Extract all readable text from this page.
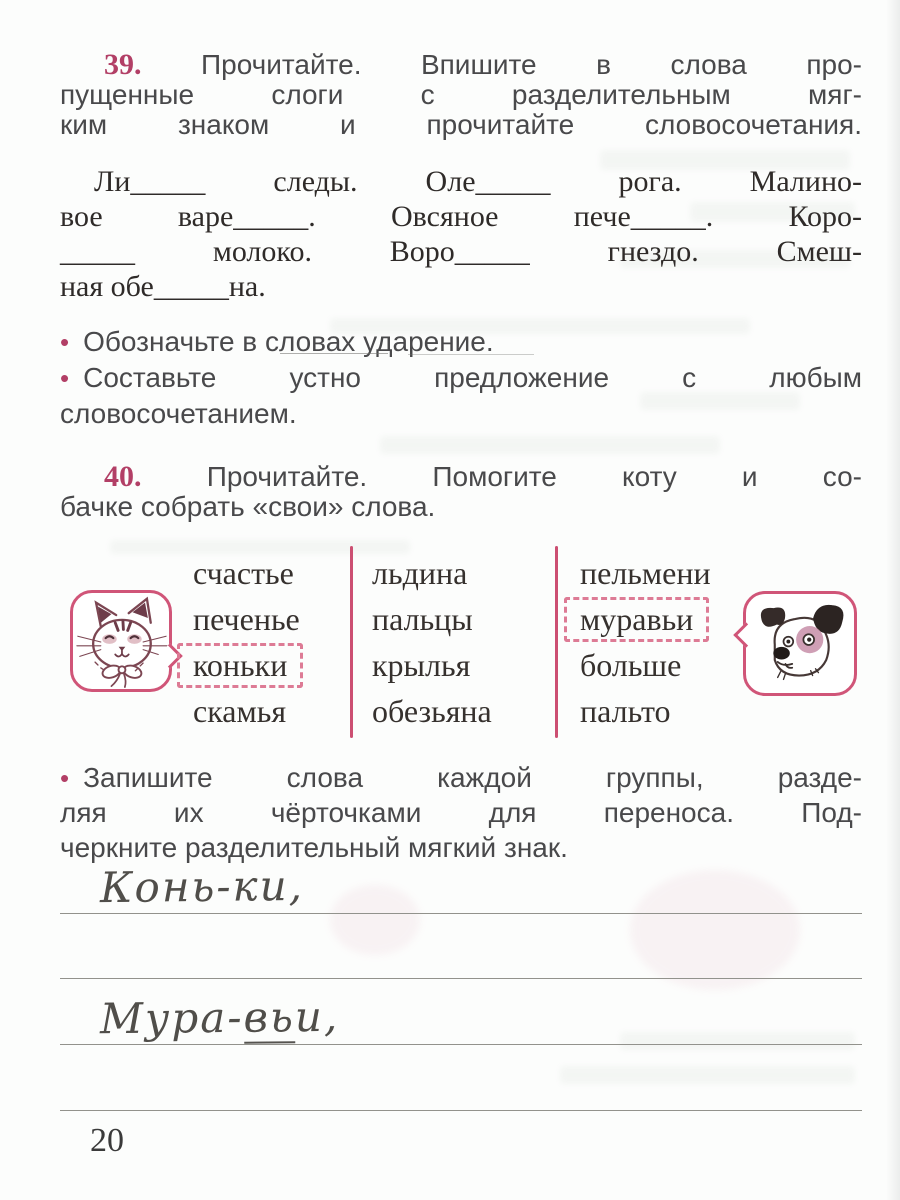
39. Прочитайте. Впишите в слова про-
пущенные слоги с разделительным мяг-
ким знаком и прочитайте словосочетания.
Ли_____ следы. Оле_____ рога. Малино-
вое варе_____. Овсяное пече_____. Коро-
_____ молоко. Воро_____ гнездо. Смеш-
ная обе_____на.
• Обозначьте в словах ударение.
• Составьте устно предложение с любым
словосочетанием.
40. Прочитайте. Помогите коту и со-
бачке собрать «свои» слова.
счастье
печенье
коньки
скамья
льдина
пальцы
крылья
обезьяна
пельмени
муравьи
больше
пальто
• Запишите слова каждой группы, разде-
ляя их чёрточками для переноса. Под-
черкните разделительный мягкий знак.
Конь-ки,
Мура-вьи,
20
